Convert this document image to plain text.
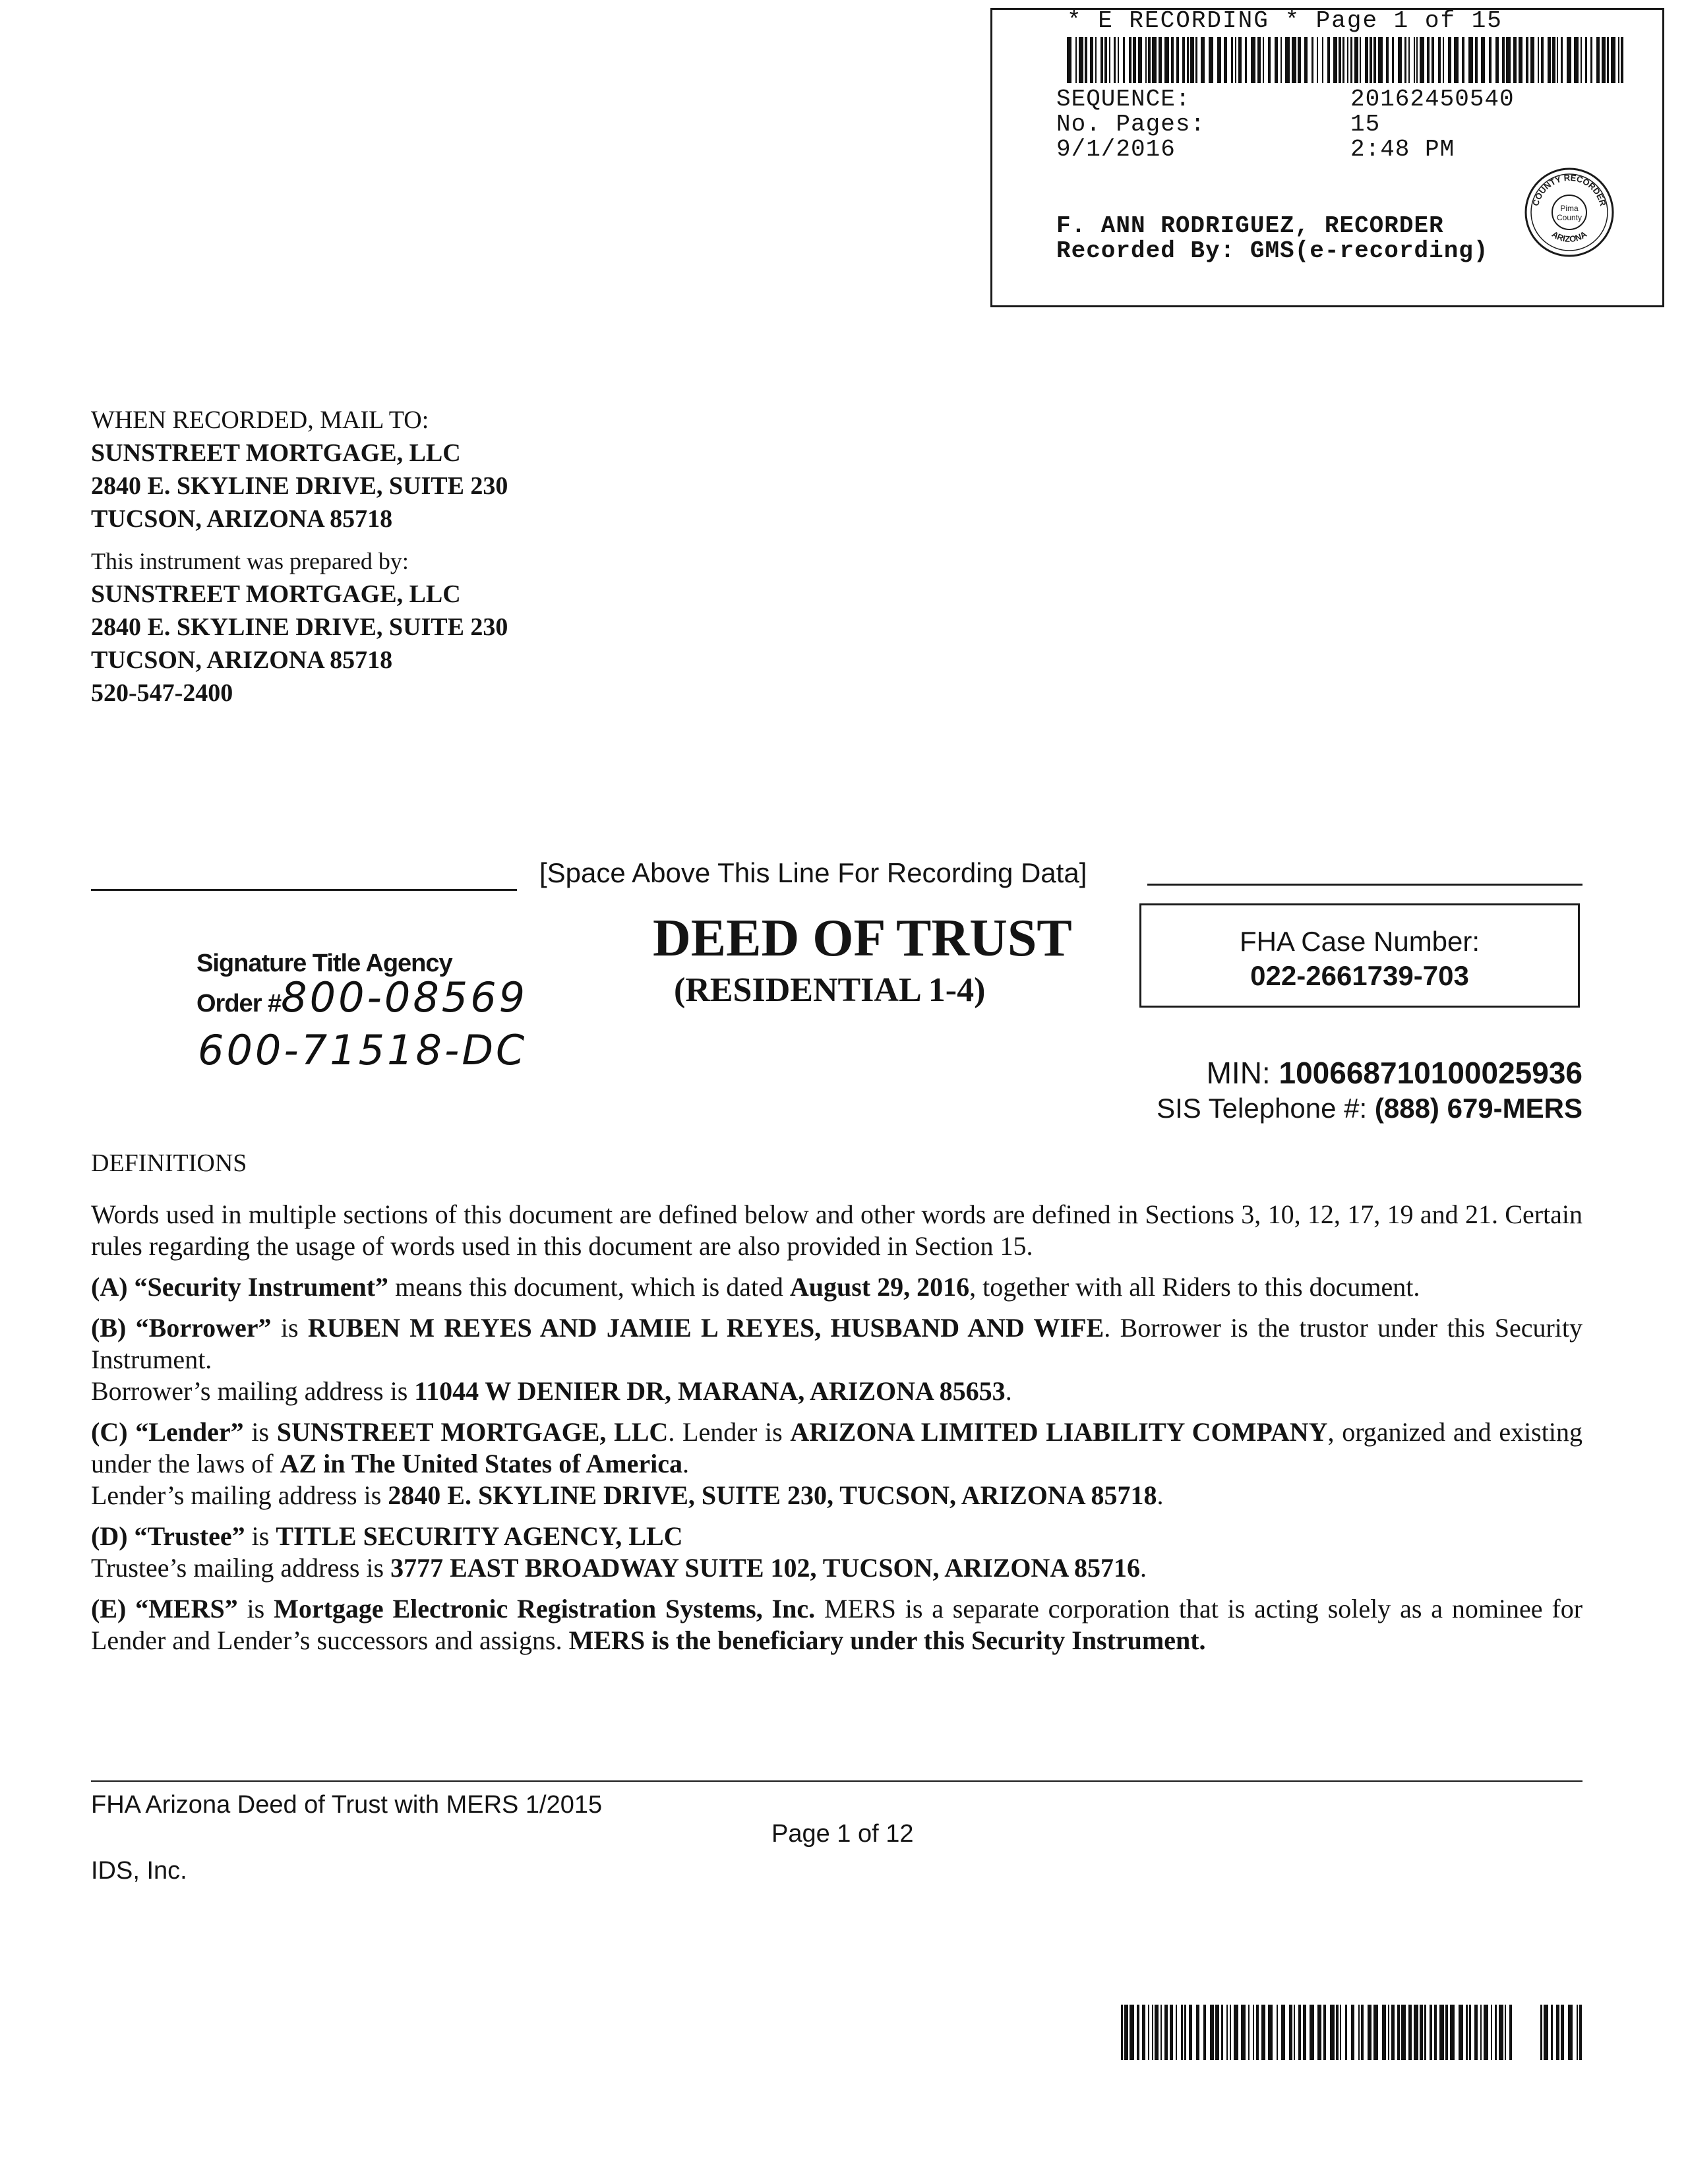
* E RECORDING * Page 1 of 15
SEQUENCE:	20162450540
No. Pages:	15
9/1/2016	2:48 PM
F. ANN RODRIGUEZ, RECORDER
Recorded By: GMS(e-recording)
COUNTY RECORDER
ARIZONA
Pima
County
WHEN RECORDED, MAIL TO:
SUNSTREET MORTGAGE, LLC
2840 E. SKYLINE DRIVE, SUITE 230
TUCSON, ARIZONA 85718
This instrument was prepared by:
SUNSTREET MORTGAGE, LLC
2840 E. SKYLINE DRIVE, SUITE 230
TUCSON, ARIZONA 85718
520-547-2400
[Space Above This Line For Recording Data]
Signature Title Agency
Order #800-08569
600-71518-DC
DEED OF TRUST
(RESIDENTIAL 1-4)
FHA Case Number:
022-2661739-703
MIN: 100668710100025936
SIS Telephone #: (888) 679-MERS

DEFINITIONS

Words used in multiple sections of this document are defined below and other words are defined in Sections 3, 10, 12, 17, 19 and 21. Certain rules regarding the usage of words used in this document are also provided in Section 15.

(A) “Security Instrument” means this document, which is dated August 29, 2016, together with all Riders to this document.

(B) “Borrower” is RUBEN M REYES AND JAMIE L REYES, HUSBAND AND WIFE. Borrower is the trustor under this Security Instrument.

Borrower’s mailing address is 11044 W DENIER DR, MARANA, ARIZONA 85653.

(C) “Lender” is SUNSTREET MORTGAGE, LLC. Lender is ARIZONA LIMITED LIABILITY COMPANY, organized and existing under the laws of AZ in The United States of America.

Lender’s mailing address is 2840 E. SKYLINE DRIVE, SUITE 230, TUCSON, ARIZONA 85718.

(D) “Trustee” is TITLE SECURITY AGENCY, LLC

Trustee’s mailing address is 3777 EAST BROADWAY SUITE 102, TUCSON, ARIZONA 85716.

(E) “MERS” is Mortgage Electronic Registration Systems, Inc. MERS is a separate corporation that is acting solely as a nominee for Lender and Lender’s successors and assigns. MERS is the beneficiary under this Security Instrument.

FHA Arizona Deed of Trust with MERS 1/2015
Page 1 of 12
IDS, Inc.
